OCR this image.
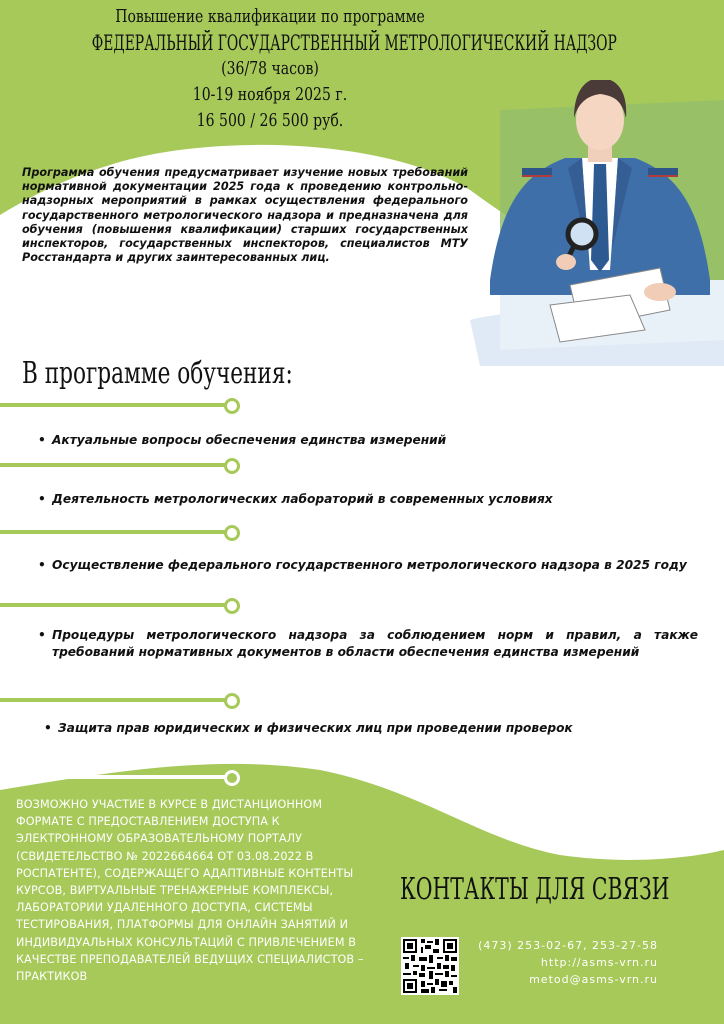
Повышение квалификации по программе
ФЕДЕРАЛЬНЫЙ ГОСУДАРСТВЕННЫЙ МЕТРОЛОГИЧЕСКИЙ НАДЗОР
(36/78 часов)
10-19 ноября 2025 г.
16 500 / 26 500 руб.
Программа обучения предусматривает изучение новых требований нормативной документации 2025 года к проведению контрольно-надзорных мероприятий в рамках осуществления федерального государственного метрологического надзора и предназначена для обучения (повышения квалификации) старших государственных инспекторов, государственных инспекторов, специалистов МТУ Росстандарта и других заинтересованных лиц.
В программе обучения:
• Актуальные вопросы обеспечения единства измерений
• Деятельность метрологических лабораторий в современных условиях
• Осуществление федерального государственного метрологического надзора в 2025 году
• Процедуры метрологического надзора за соблюдением норм и правил, а также требований нормативных документов в области обеспечения единства измерений
• Защита прав юридических и физических лиц при проведении проверок
ВОЗМОЖНО УЧАСТИЕ В КУРСЕ В ДИСТАНЦИОННОМ ФОРМАТЕ С ПРЕДОСТАВЛЕНИЕМ ДОСТУПА К ЭЛЕКТРОННОМУ ОБРАЗОВАТЕЛЬНОМУ ПОРТАЛУ (СВИДЕТЕЛЬСТВО № 2022664664 ОТ 03.08.2022 В РОСПАТЕНТЕ), СОДЕРЖАЩЕГО АДАПТИВНЫЕ КОНТЕНТЫ КУРСОВ, ВИРТУАЛЬНЫЕ ТРЕНАЖЕРНЫЕ КОМПЛЕКСЫ, ЛАБОРАТОРИИ УДАЛЕННОГО ДОСТУПА, СИСТЕМЫ ТЕСТИРОВАНИЯ, ПЛАТФОРМЫ ДЛЯ ОНЛАЙН ЗАНЯТИЙ И ИНДИВИДУАЛЬНЫХ КОНСУЛЬТАЦИЙ С ПРИВЛЕЧЕНИЕМ В КАЧЕСТВЕ ПРЕПОДАВАТЕЛЕЙ ВЕДУЩИХ СПЕЦИАЛИСТОВ – ПРАКТИКОВ
КОНТАКТЫ ДЛЯ СВЯЗИ
(473) 253-02-67, 253-27-58
http://asms-vrn.ru
metod@asms-vrn.ru
